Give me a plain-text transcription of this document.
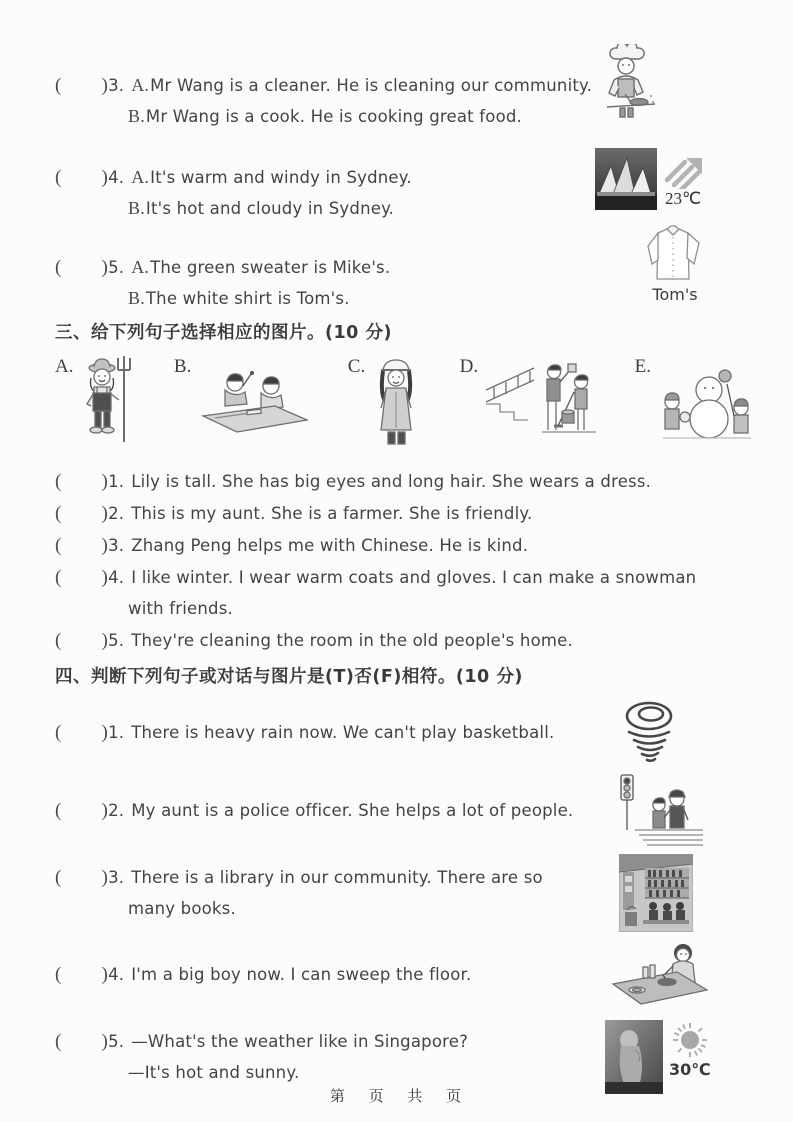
( )3. A.Mr Wang is a cleaner. He is cleaning our community.
B.Mr Wang is a cook. He is cooking great food.
( )4. A.It's warm and windy in Sydney.
B.It's hot and cloudy in Sydney.
23℃
( )5. A.The green sweater is Mike's.
B.The white shirt is Tom's.	Tom's
三、给下列句子选择相应的图片。(10 分)
A.	B.	C.	D.	E.
( )1. Lily is tall. She has big eyes and long hair. She wears a dress.
( )2. This is my aunt. She is a farmer. She is friendly.
( )3. Zhang Peng helps me with Chinese. He is kind.
( )4. I like winter. I wear warm coats and gloves. I can make a snowman
with friends.
( )5. They're cleaning the room in the old people's home.
四、判断下列句子或对话与图片是(T)否(F)相符。(10 分)
( )1. There is heavy rain now. We can't play basketball.
( )2. My aunt is a police officer. She helps a lot of people.
( )3. There is a library in our community. There are so
many books.
( )4. I'm a big boy now. I can sweep the floor.
( )5. —What's the weather like in Singapore?
—It's hot and sunny.	30℃
第 页 共 页
